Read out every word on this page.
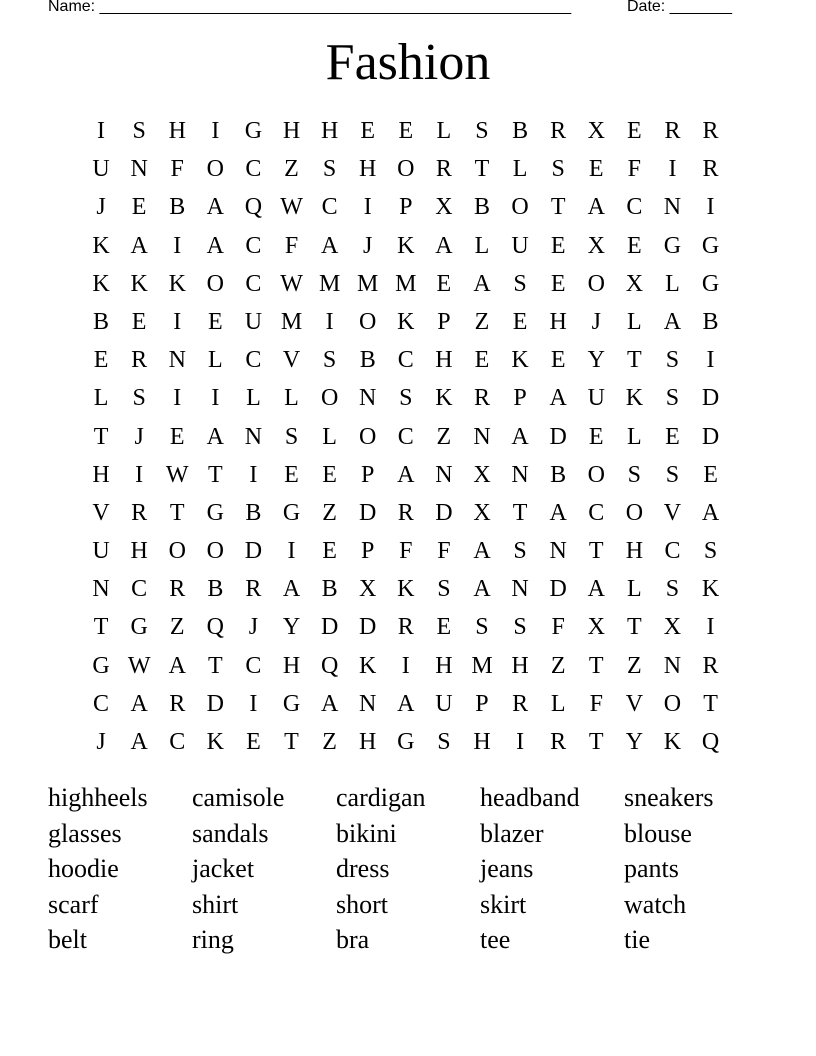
Name: _____________________________________________________	Date: _______
Fashion
I	S H	I	G H H E E L	S B R X E R R
U N F O C Z	S H O R T L	S	E	F	I	R
J	E B A Q W C	I	P X B O T A C N	I
K A	I	A C F A	J	K A L U E X E G G
K K K O C W M M M E A S	E O X L G
B E	I	E U M I	O K P	Z E H	J	L A B
E R N L C V S B C H E K E Y T	S	I
L	S	I	I	L L O N S K R P A U K S D
T	J	E A N S	L O C Z N A D E L E D
H	I W T	I	E E	P A N X N B O S	S	E
V R T G B G Z D R D X T A C O V A
U H O O D	I	E	P	F	F A S N T H C S
N C R B R A B X K S A N D A L	S K
T G Z Q	J	Y D D R E	S	S	F X T X	I
G W A T C H Q K	I	H M H Z T Z N R
C A R D	I	G A N A U P R L	F V O T
J	A C K E T Z H G S H	I	R T Y K Q
highheels	camisole	cardigan	headband	sneakers
glasses	sandals	bikini	blazer	blouse
hoodie	jacket	dress	jeans	pants
scarf	shirt	short	skirt	watch
belt	ring	bra	tee	tie
